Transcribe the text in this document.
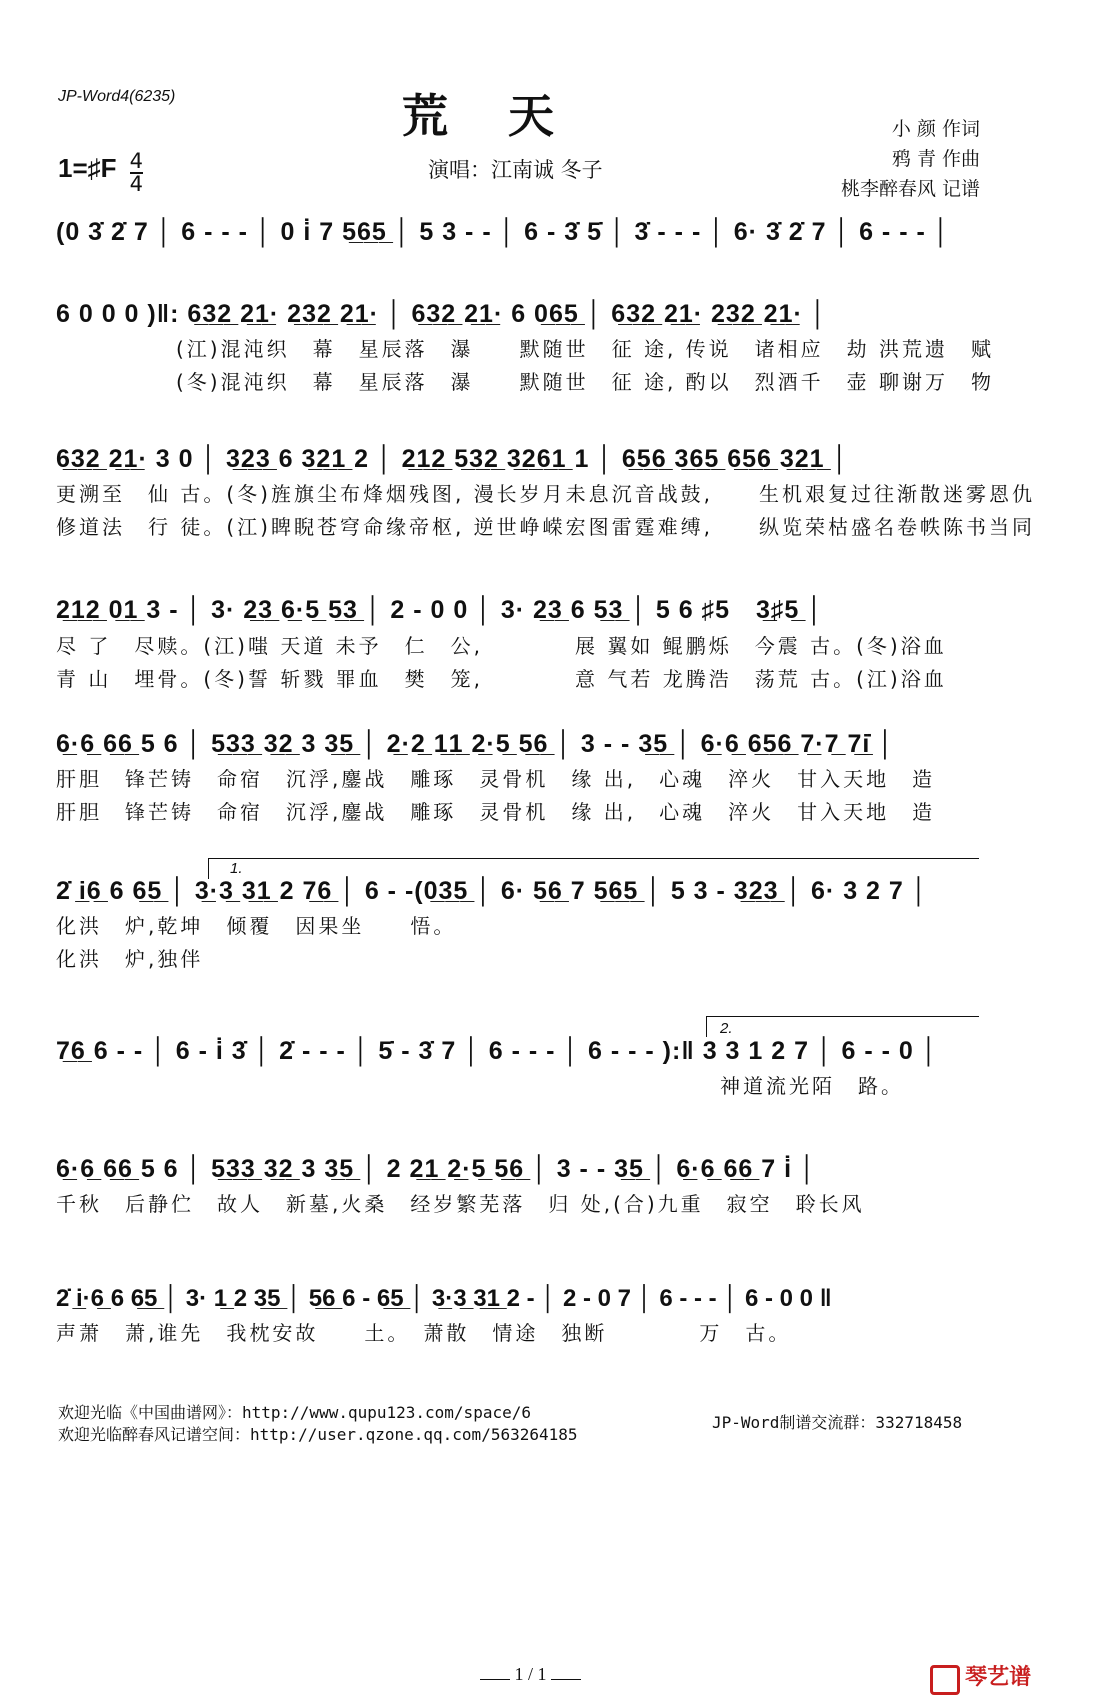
JP-Word4(6235)	荒天
1=♯F $\frac{4}{4}$	演唱：江南诚 冬子
小 颜 作词
鸦 青 作曲
桃李醉春风 记谱
(0 3̇ 2̇ 7 │ 6 - - - │ 0 i̇ 7 5̲6̲5̲ │ 5 3 - - │ 6 - 3̇ 5̇ │ 3̇ - - - │ 6· 3̇ 2̇ 7 │ 6 - - - │
6 0 0 0 )‖: 6̲3̲2̲ 2̲1̲· 2̲3̲2̲ 2̲1̲· │ 6̲3̲2̲ 2̲1̲· 6 0̲6̲5̲ │ 6̲3̲2̲ 2̲1̲· 2̲3̲2̲ 2̲1̲· │
(江)混沌织　幕　星辰落　瀑　　默随世　征 途, 传说　诸相应　劫 洪荒遗　赋
(冬)混沌织　幕　星辰落　瀑　　默随世　征 途, 酌以　烈酒千　壶 聊谢万　物
6̲3̲2̲ 2̲1̲· 3 0 │ 3̲2̲3̲ 6 3̲2̲1̲ 2 │ 2̲1̲2̲ 5̲3̲2̲ 3̲2̲6̲1̲ 1 │ 6̲5̲6̲ 3̲6̲5̲ 6̲5̲6̲ 3̲2̲1̲ │
更溯至　仙 古。(冬)旌旗尘布烽烟残图, 漫长岁月未息沉音战鼓,　　生机艰复过往渐散迷雾恩仇
修道法　行 徒。(江)睥睨苍穹命缘帝枢, 逆世峥嵘宏图雷霆难缚,　　纵览荣枯盛名卷帙陈书当同
2̲1̲2̲ 0̲1̲ 3 - │ 3· 2̲3̲ 6̲·5̲ 5̲3̲ │ 2 - 0 0 │ 3· 2̲3̲ 6 5̲3̲ │ 5 6 ♯5　3̲♯5̲ │
尽 了　尽赎。(江)嗤 天道 未予　仁　公,　　　　展 翼如 鲲鹏烁　今震 古。(冬)浴血
青 山　埋骨。(冬)誓 斩戮 罪血　樊　笼,　　　　意 气若 龙腾浩　荡荒 古。(江)浴血
6̲·6̲ 6̲6̲ 5 6 │ 5̲3̲3̲ 3̲2̲ 3 3̲5̲ │ 2̲·2̲ 1̲1̲ 2̲·5̲ 5̲6̲ │ 3 - - 3̲5̲ │ 6̲·6̲ 6̲5̲6̲ 7̲·7̲ 7̲i̲̇ │
肝胆　锋芒铸　命宿　沉浮,鏖战　雕琢　灵骨机　缘 出,　心魂　淬火　甘入天地　造
肝胆　锋芒铸　命宿　沉浮,鏖战　雕琢　灵骨机　缘 出,　心魂　淬火　甘入天地　造
1.
2̇ i̲6̲ 6 6̲5̲ │ 3̲·3̲ 3̲1̲ 2 7̲6̲ │ 6 - -(0̲3̲5̲ │ 6· 5̲6̲ 7 5̲6̲5̲ │ 5 3 - 3̲2̲3̲ │ 6· 3 2 7 │
化洪　炉,乾坤　倾覆　因果坐　　悟。
化洪　炉,独伴
2.
7̲6̲ 6 - - │ 6 - i̇ 3̇ │ 2̇ - - - │ 5̇ - 3̇ 7 │ 6 - - - │ 6 - - - ):‖ 3 3 1 2 7 │ 6 - - 0 │
神道流光陌　路。
6̲·6̲ 6̲6̲ 5 6 │ 5̲3̲3̲ 3̲2̲ 3 3̲5̲ │ 2 2̲1̲ 2̲·5̲ 5̲6̲ │ 3 - - 3̲5̲ │ 6̲·6̲ 6̲6̲ 7 i̇ │
千秋　后静伫　故人　新墓,火桑　经岁繁芜落　归 处,(合)九重　寂空　聆长风
2̇ i̲·6̲ 6 6̲5̲ │ 3· 1̲ 2 3̲5̲ │ 5̲6̲ 6 - 6̲5̲ │ 3̲·3̲ 3̲1̲ 2 - │ 2 - 0 7 │ 6 - - - │ 6 - 0 0 ‖
声萧　萧,谁先　我枕安故　　土。　萧散　情途　独断　　　　万　古。
欢迎光临《中国曲谱网》：http://www.qupu123.com/space/6
欢迎光临醉春风记谱空间：http://user.qzone.qq.com/563264185
JP-Word制谱交流群：332718458
1 / 1	琴艺谱
